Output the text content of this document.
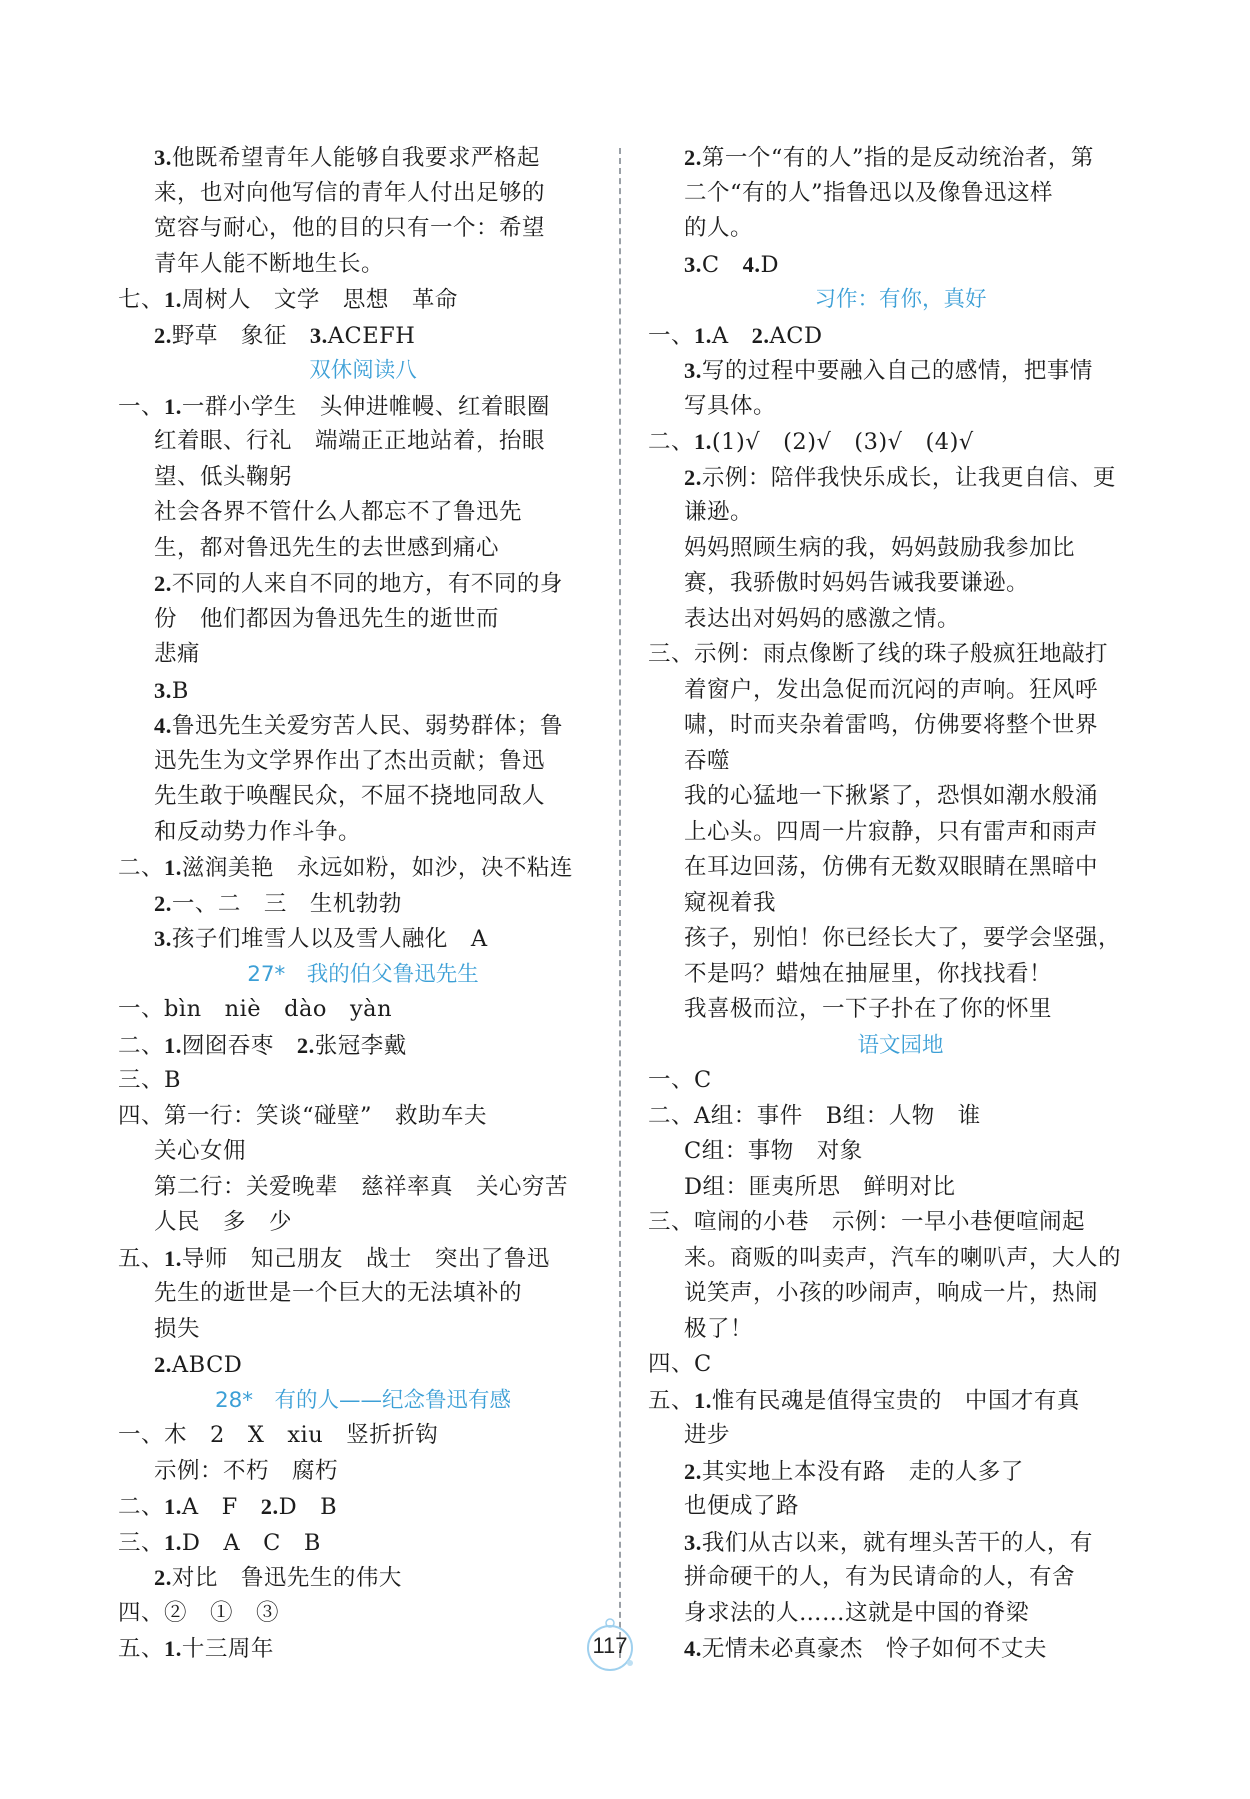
3.他既希望青年人能够自我要求严格起
来，也对向他写信的青年人付出足够的
宽容与耐心，他的目的只有一个：希望
青年人能不断地生长。
七、1.周树人　文学　思想　革命
2.野草　象征　3.ACEFH
双休阅读八
一、1.一群小学生　头伸进帷幔、红着眼圈
红着眼、行礼　端端正正地站着，抬眼
望、低头鞠躬
社会各界不管什么人都忘不了鲁迅先
生，都对鲁迅先生的去世感到痛心
2.不同的人来自不同的地方，有不同的身
份　他们都因为鲁迅先生的逝世而
悲痛
3.B
4.鲁迅先生关爱穷苦人民、弱势群体；鲁
迅先生为文学界作出了杰出贡献；鲁迅
先生敢于唤醒民众，不屈不挠地同敌人
和反动势力作斗争。
二、1.滋润美艳　永远如粉，如沙，决不粘连
2.一、二　三　生机勃勃
3.孩子们堆雪人以及雪人融化　A
27*　我的伯父鲁迅先生
一、bìn　niè　dào　yàn
二、1.囫囵吞枣　2.张冠李戴
三、B
四、第一行：笑谈“碰壁”　救助车夫
关心女佣
第二行：关爱晚辈　慈祥率真　关心穷苦
人民　多　少
五、1.导师　知己朋友　战士　突出了鲁迅
先生的逝世是一个巨大的无法填补的
损失
2.ABCD
28*　有的人——纪念鲁迅有感
一、木　2　X　xiu　竖折折钩
示例：不朽　腐朽
二、1.A　F　2.D　B
三、1.D　A　C　B
2.对比　鲁迅先生的伟大
四、②　①　③
五、1.十三周年
2.第一个“有的人”指的是反动统治者，第
二个“有的人”指鲁迅以及像鲁迅这样
的人。
3.C　4.D
习作：有你，真好
一、1.A　2.ACD
3.写的过程中要融入自己的感情，把事情
写具体。
二、1.(1)√　(2)√　(3)√　(4)√
2.示例：陪伴我快乐成长，让我更自信、更
谦逊。
妈妈照顾生病的我，妈妈鼓励我参加比
赛，我骄傲时妈妈告诫我要谦逊。
表达出对妈妈的感激之情。
三、示例：雨点像断了线的珠子般疯狂地敲打
着窗户，发出急促而沉闷的声响。狂风呼
啸，时而夹杂着雷鸣，仿佛要将整个世界
吞噬
我的心猛地一下揪紧了，恐惧如潮水般涌
上心头。四周一片寂静，只有雷声和雨声
在耳边回荡，仿佛有无数双眼睛在黑暗中
窥视着我
孩子，别怕！你已经长大了，要学会坚强，
不是吗？蜡烛在抽屉里，你找找看！
我喜极而泣，一下子扑在了你的怀里
语文园地
一、C
二、A组：事件　B组：人物　谁
C组：事物　对象
D组：匪夷所思　鲜明对比
三、喧闹的小巷　示例：一早小巷便喧闹起
来。商贩的叫卖声，汽车的喇叭声，大人的
说笑声，小孩的吵闹声，响成一片，热闹
极了！
四、C
五、1.惟有民魂是值得宝贵的　中国才有真
进步
2.其实地上本没有路　走的人多了
也便成了路
3.我们从古以来，就有埋头苦干的人，有
拼命硬干的人，有为民请命的人，有舍
身求法的人……这就是中国的脊梁
4.无情未必真豪杰　怜子如何不丈夫
117
